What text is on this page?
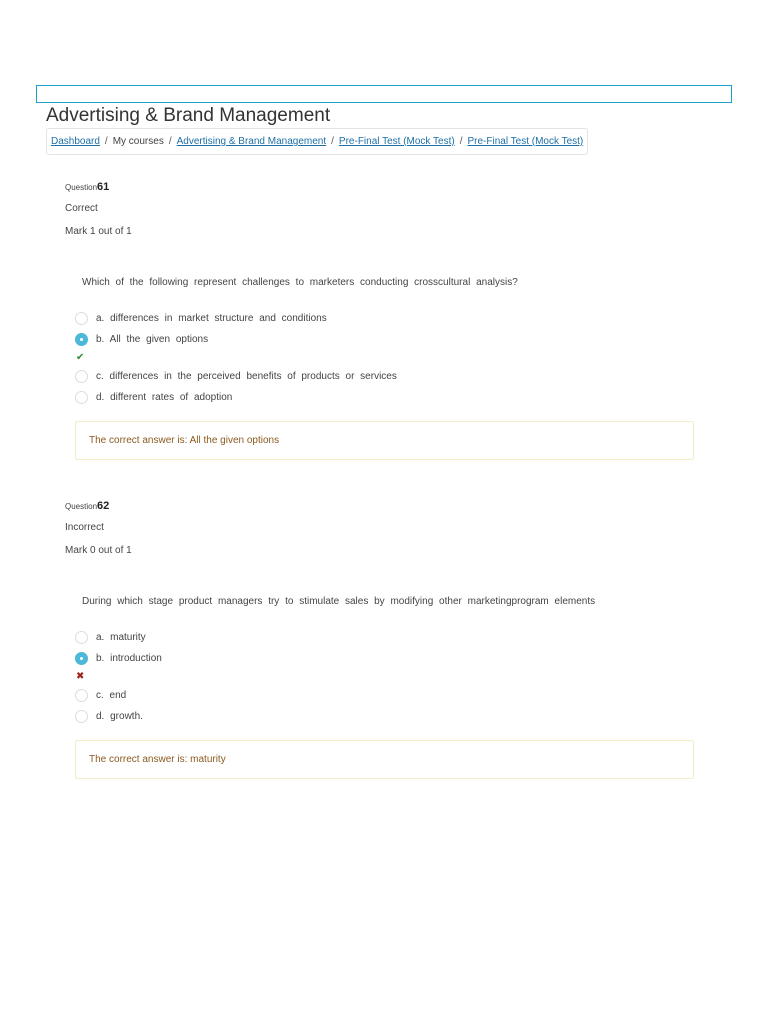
Advertising & Brand Management
Dashboard / My courses / Advertising & Brand Management / Pre-Final Test (Mock Test) / Pre-Final Test (Mock Test)
Question61
Correct
Mark 1 out of 1
Which of the following represent challenges to marketers conducting crosscultural analysis?
a. differences in market structure and conditions
b. All the given options
✔
c. differences in the perceived benefits of products or services
d. different rates of adoption
The correct answer is: All the given options
Question62
Incorrect
Mark 0 out of 1
During which stage product managers try to stimulate sales by modifying other marketingprogram elements
a. maturity
b. introduction
✖
c. end
d. growth.
The correct answer is: maturity
